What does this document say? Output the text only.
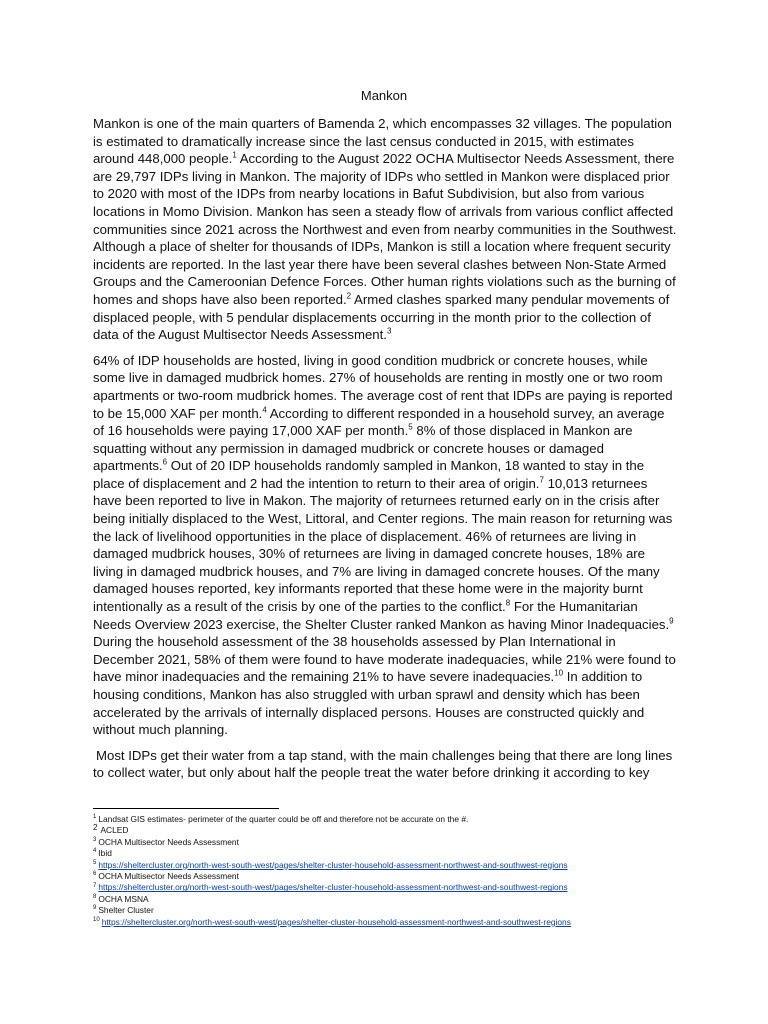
Mankon

Mankon is one of the main quarters of Bamenda 2, which encompasses 32 villages. The population is estimated to dramatically increase since the last census conducted in 2015, with estimates around 448,000 people.$^1$ According to the August 2022 OCHA Multisector Needs Assessment, there are 29,797 IDPs living in Mankon. The majority of IDPs who settled in Mankon were displaced prior to 2020 with most of the IDPs from nearby locations in Bafut Subdivision, but also from various locations in Momo Division. Mankon has seen a steady flow of arrivals from various conflict affected communities since 2021 across the Northwest and even from nearby communities in the Southwest. Although a place of shelter for thousands of IDPs, Mankon is still a location where frequent security incidents are reported. In the last year there have been several clashes between Non-State Armed Groups and the Cameroonian Defence Forces. Other human rights violations such as the burning of homes and shops have also been reported.$^2$ Armed clashes sparked many pendular movements of displaced people, with 5 pendular displacements occurring in the month prior to the collection of data of the August Multisector Needs Assessment.$^3$

64% of IDP households are hosted, living in good condition mudbrick or concrete houses, while some live in damaged mudbrick homes. 27% of households are renting in mostly one or two room apartments or two-room mudbrick homes. The average cost of rent that IDPs are paying is reported to be 15,000 XAF per month.$^4$ According to different responded in a household survey, an average of 16 households were paying 17,000 XAF per month.$^5$ 8% of those displaced in Mankon are squatting without any permission in damaged mudbrick or concrete houses or damaged apartments.$^6$ Out of 20 IDP households randomly sampled in Mankon, 18 wanted to stay in the place of displacement and 2 had the intention to return to their area of origin.$^7$ 10,013 returnees have been reported to live in Makon. The majority of returnees returned early on in the crisis after being initially displaced to the West, Littoral, and Center regions. The main reason for returning was the lack of livelihood opportunities in the place of displacement. 46% of returnees are living in damaged mudbrick houses, 30% of returnees are living in damaged concrete houses, 18% are living in damaged mudbrick houses, and 7% are living in damaged concrete houses. Of the many damaged houses reported, key informants reported that these home were in the majority burnt intentionally as a result of the crisis by one of the parties to the conflict.$^8$ For the Humanitarian Needs Overview 2023 exercise, the Shelter Cluster ranked Mankon as having Minor Inadequacies.$^9$ During the household assessment of the 38 households assessed by Plan International in December 2021, 58% of them were found to have moderate inadequacies, while 21% were found to have minor inadequacies and the remaining 21% to have severe inadequacies.$^{10}$ In addition to housing conditions, Mankon has also struggled with urban sprawl and density which has been accelerated by the arrivals of internally displaced persons. Houses are constructed quickly and without much planning.

Most IDPs get their water from a tap stand, with the main challenges being that there are long lines to collect water, but only about half the people treat the water before drinking it according to key

$^1$ Landsat GIS estimates- perimeter of the quarter could be off and therefore not be accurate on the #.
2 ACLED
$^3$ OCHA Multisector Needs Assessment
$^4$ Ibid
$^5$ https://sheltercluster.org/north-west-south-west/pages/shelter-cluster-household-assessment-northwest-and-southwest-regions
$^6$ OCHA Multisector Needs Assessment
$^7$ https://sheltercluster.org/north-west-south-west/pages/shelter-cluster-household-assessment-northwest-and-southwest-regions
$^8$ OCHA MSNA
$^9$ Shelter Cluster
$^{10}$ https://sheltercluster.org/north-west-south-west/pages/shelter-cluster-household-assessment-northwest-and-southwest-regions
